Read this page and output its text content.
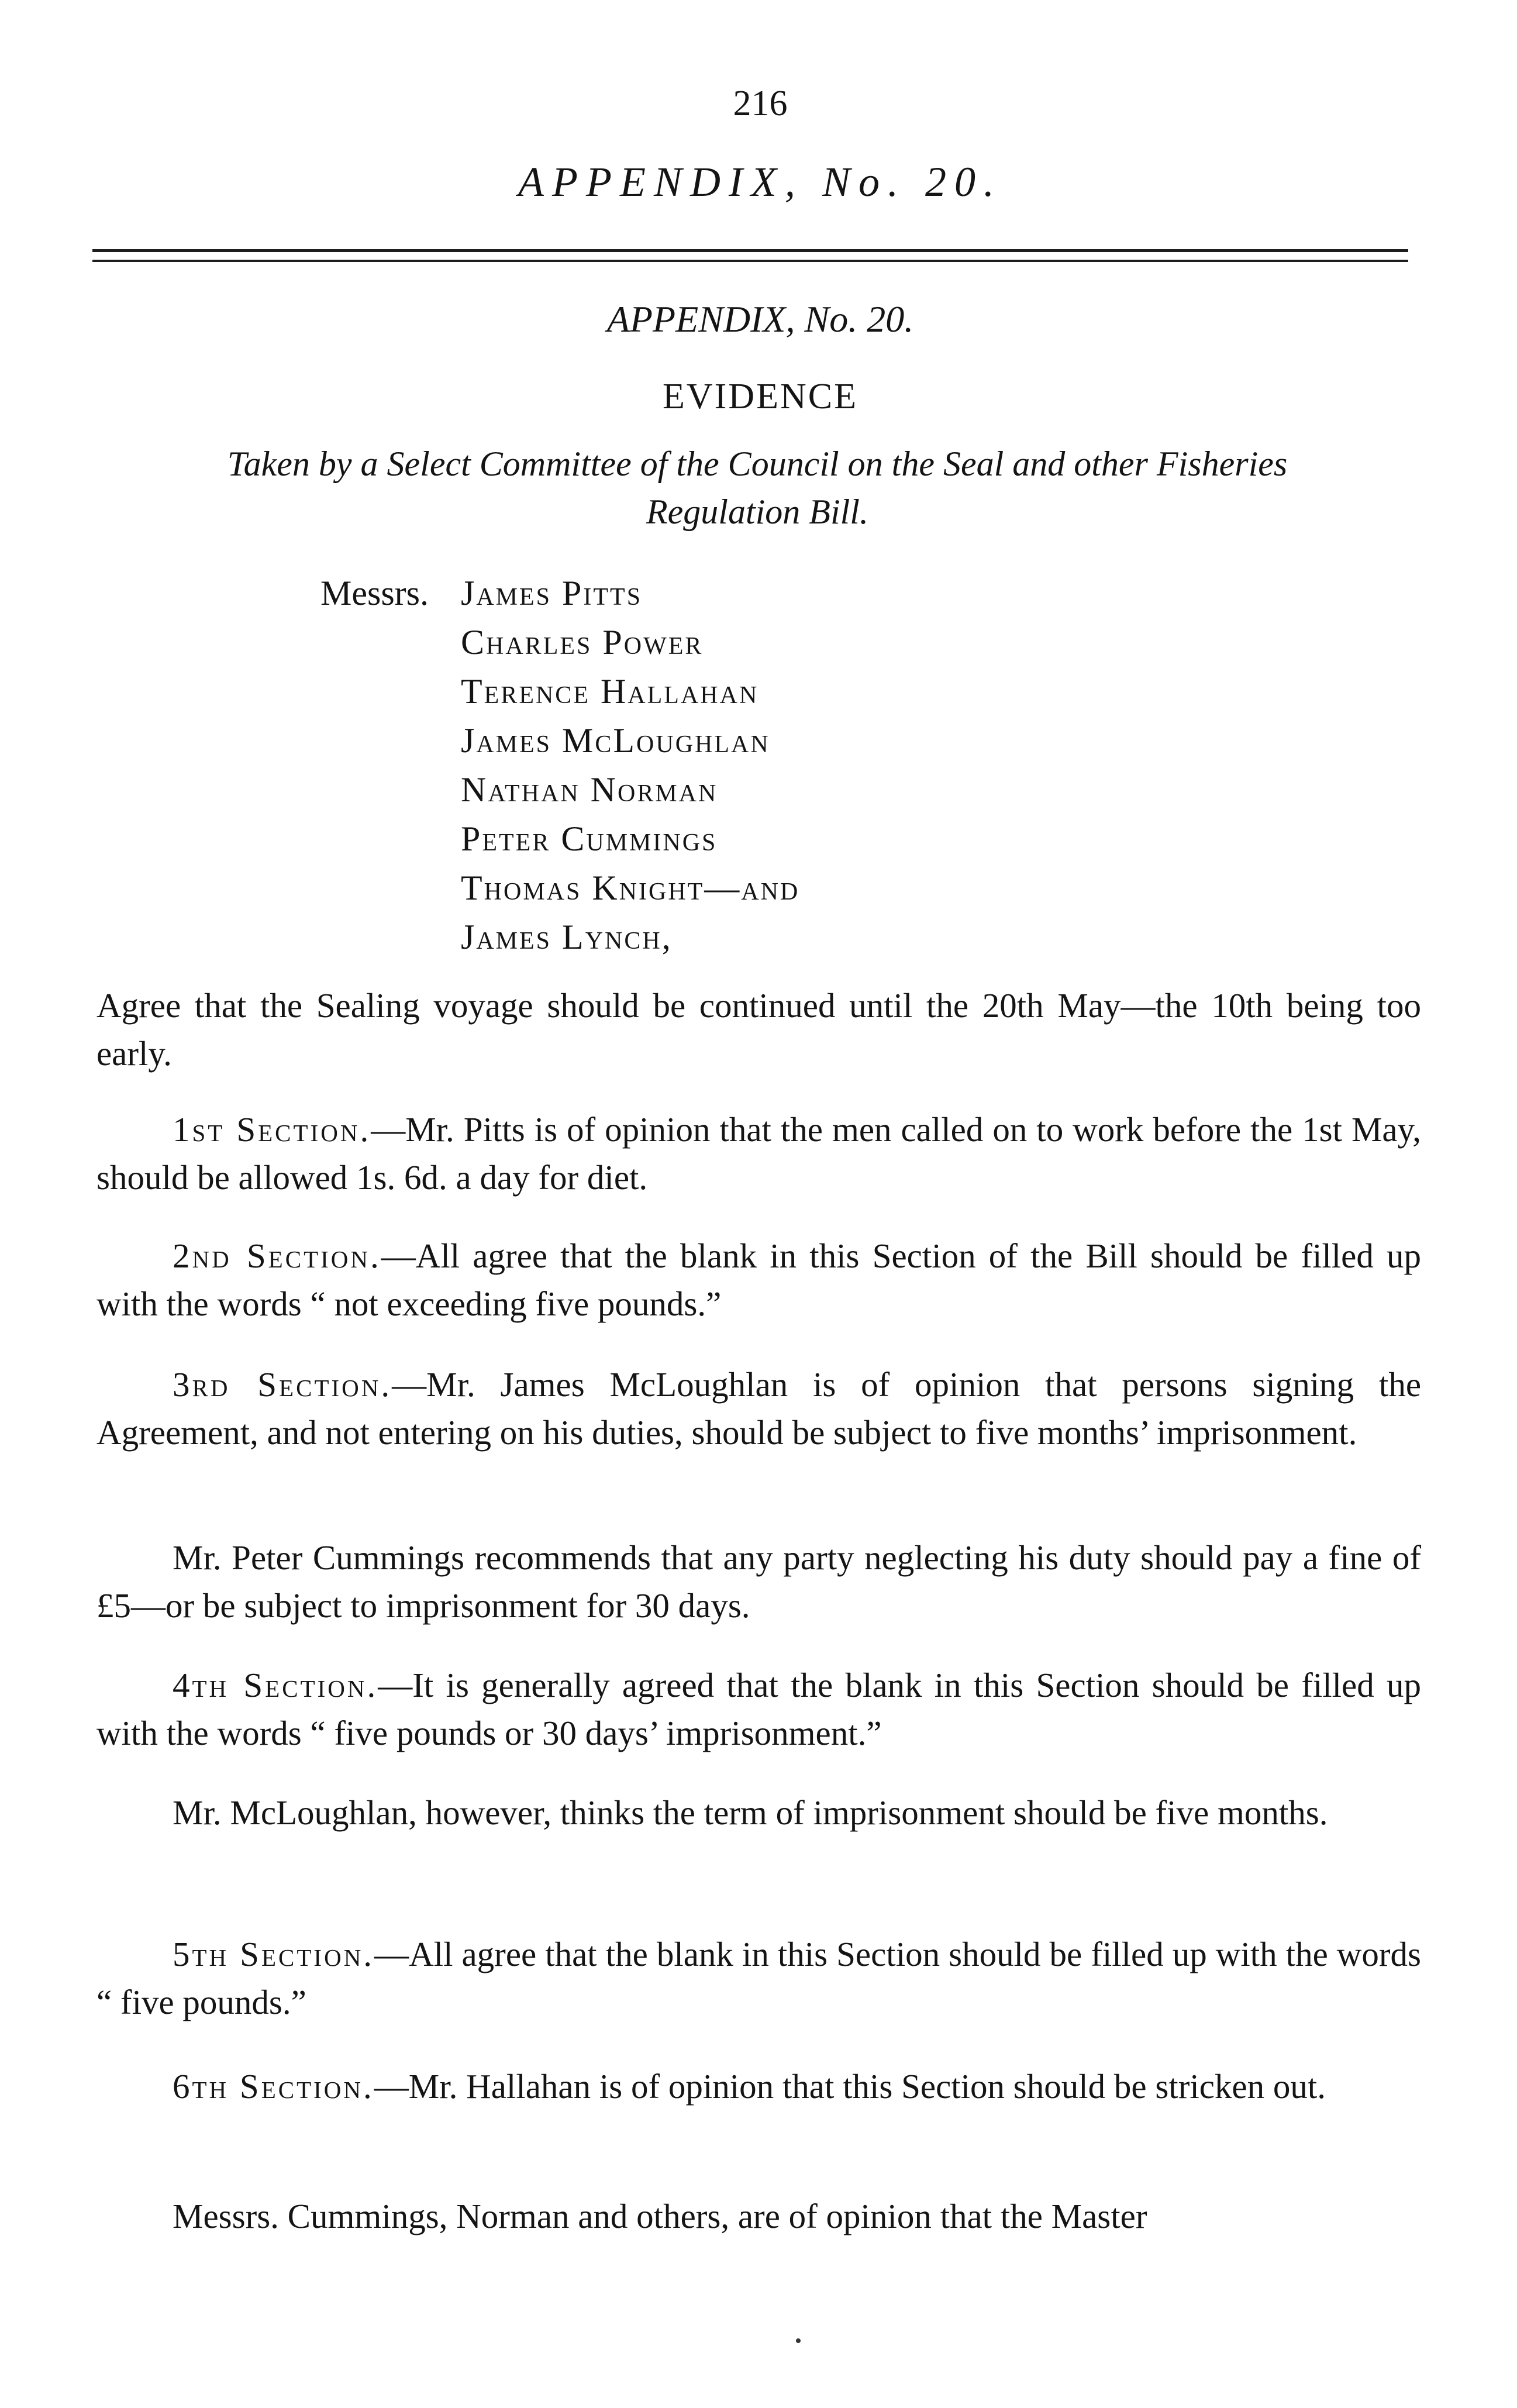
216
APPENDIX, No. 20.
APPENDIX, No. 20.
EVIDENCE
Taken by a Select Committee of the Council on the Seal and other Fisheries
Regulation Bill.
Messrs. James Pitts
Charles Power
Terence Hallahan
James McLoughlan
Nathan Norman
Peter Cummings
Thomas Knight—and
James Lynch,

Agree that the Sealing voyage should be continued until the 20th May—the 10th being too early.

1st Section.—Mr. Pitts is of opinion that the men called on to work before the 1st May, should be allowed 1s. 6d. a day for diet.

2nd Section.—All agree that the blank in this Section of the Bill should be filled up with the words “ not exceeding five pounds.”

3rd Section.—Mr. James McLoughlan is of opinion that persons signing the Agreement, and not entering on his duties, should be subject to five months’ imprisonment.

Mr. Peter Cummings recommends that any party neglecting his duty should pay a fine of £5—or be subject to imprisonment for 30 days.

4th Section.—It is generally agreed that the blank in this Section should be filled up with the words “ five pounds or 30 days’ imprisonment.”

Mr. McLoughlan, however, thinks the term of imprisonment should be five months.

5th Section.—All agree that the blank in this Section should be filled up with the words “ five pounds.”

6th Section.—Mr. Hallahan is of opinion that this Section should be stricken out.

Messrs. Cummings, Norman and others, are of opinion that the Master
